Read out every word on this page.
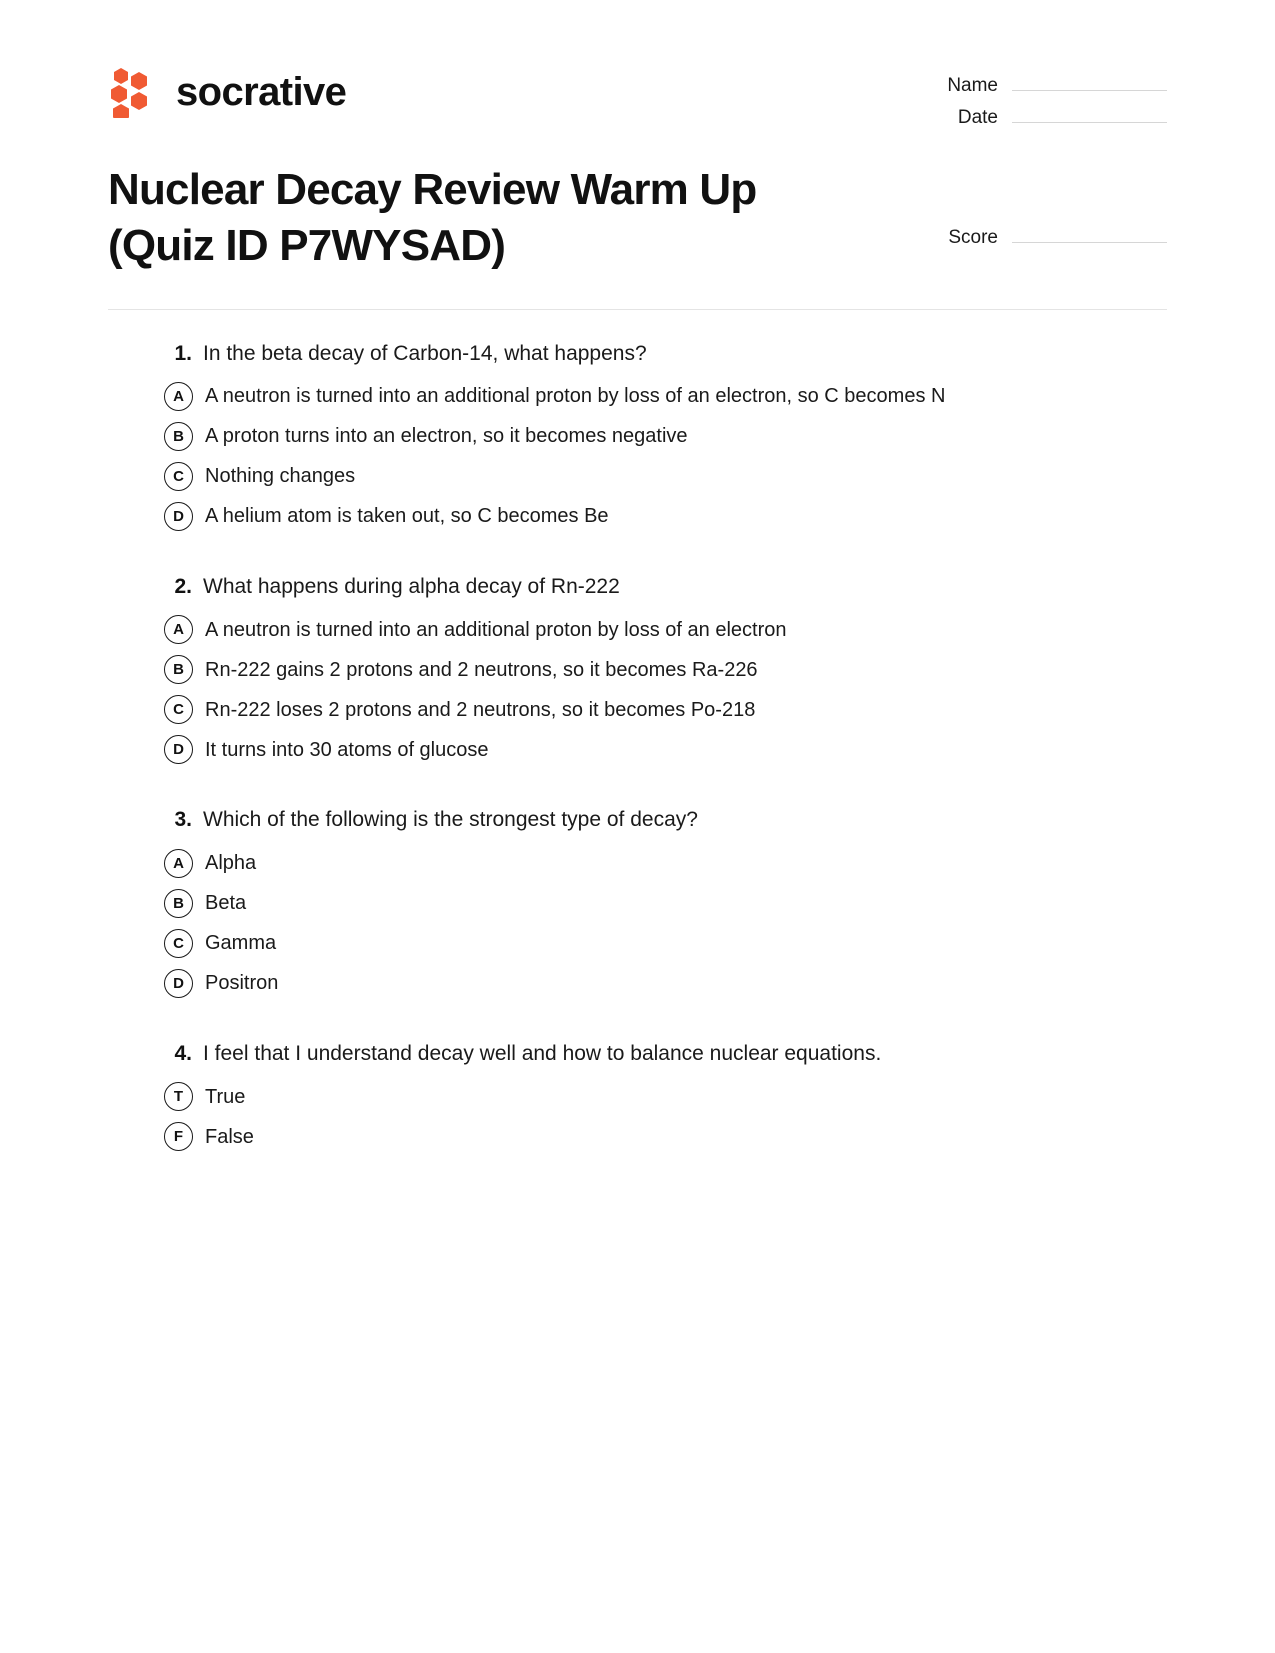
socrative	Name
Date
Nuclear Decay Review Warm Up (Quiz ID P7WYSAD)	Score
1. In the beta decay of Carbon-14, what happens?
A	A neutron is turned into an additional proton by loss of an electron, so C becomes N
B	A proton turns into an electron, so it becomes negative
C	Nothing changes
D	A helium atom is taken out, so C becomes Be
2. What happens during alpha decay of Rn-222
A	A neutron is turned into an additional proton by loss of an electron
B	Rn-222 gains 2 protons and 2 neutrons, so it becomes Ra-226
C	Rn-222 loses 2 protons and 2 neutrons, so it becomes Po-218
D	It turns into 30 atoms of glucose
3. Which of the following is the strongest type of decay?
A	Alpha
B	Beta
C	Gamma
D	Positron
4. I feel that I understand decay well and how to balance nuclear equations.
T	True
F	False
